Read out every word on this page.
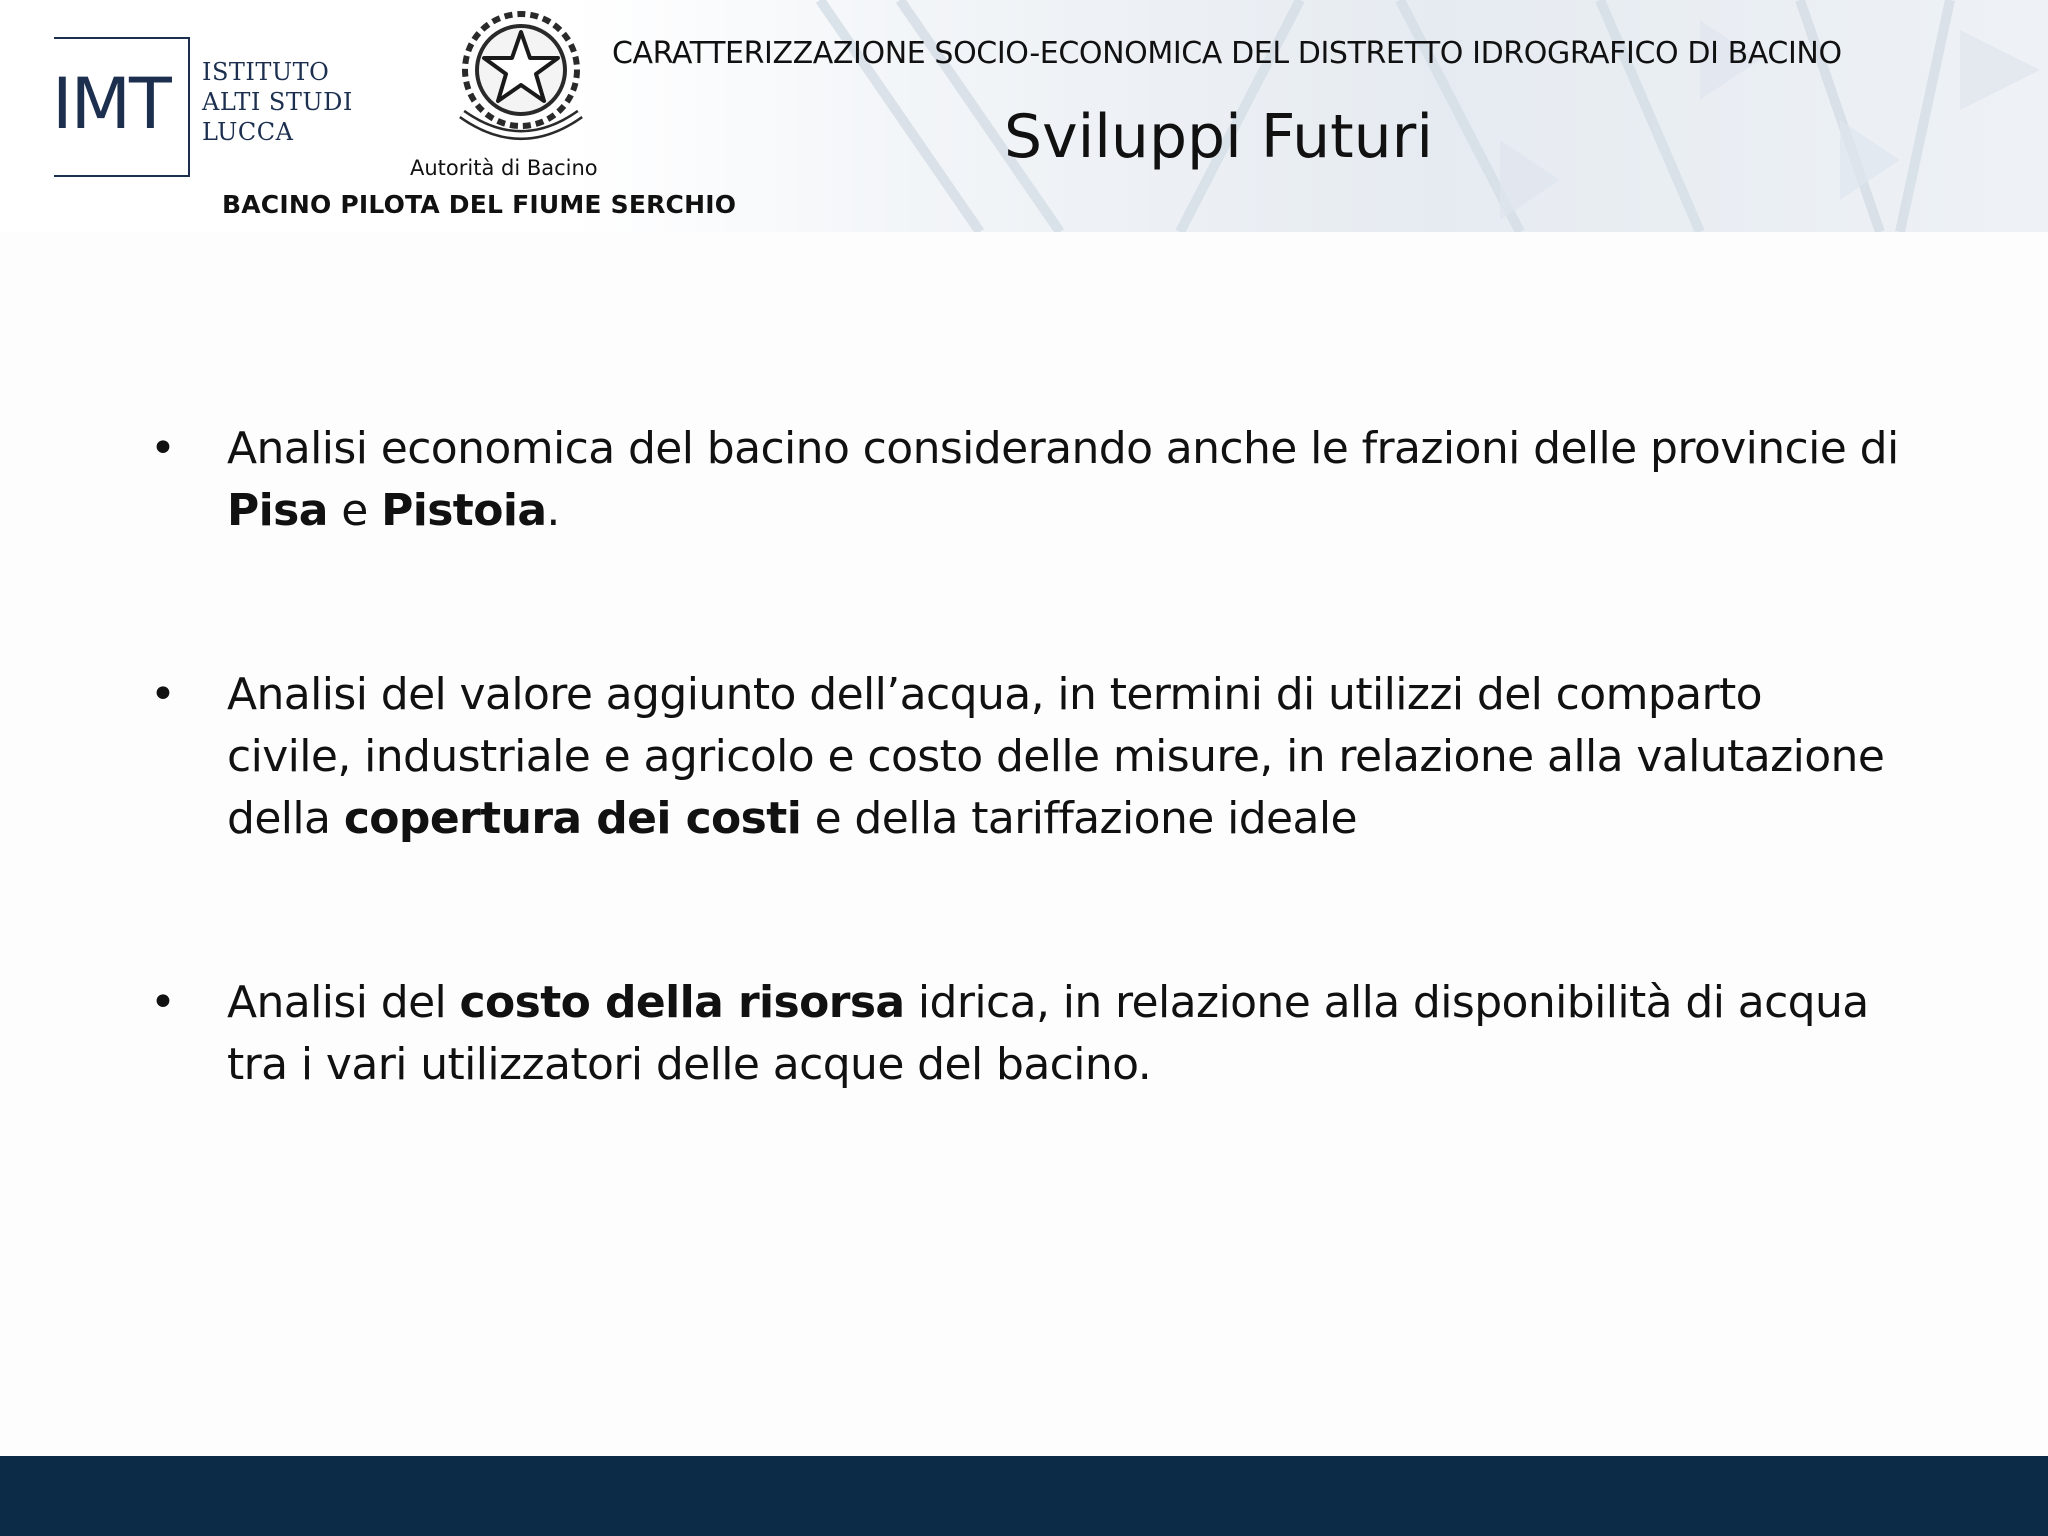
IMT ISTITUTO
ALTI STUDI
LUCCA
Autorità di Bacino
BACINO PILOTA DEL FIUME SERCHIO
CARATTERIZZAZIONE SOCIO-ECONOMICA DEL DISTRETTO IDROGRAFICO DI BACINO
Sviluppi Futuri
• Analisi economica del bacino considerando anche le frazioni delle provincie di
Pisa e Pistoia.
• Analisi del valore aggiunto dell’acqua, in termini di utilizzi del comparto
civile, industriale e agricolo e costo delle misure, in relazione alla valutazione
della copertura dei costi e della tariffazione ideale
• Analisi del costo della risorsa idrica, in relazione alla disponibilità di acqua
tra i vari utilizzatori delle acque del bacino.
